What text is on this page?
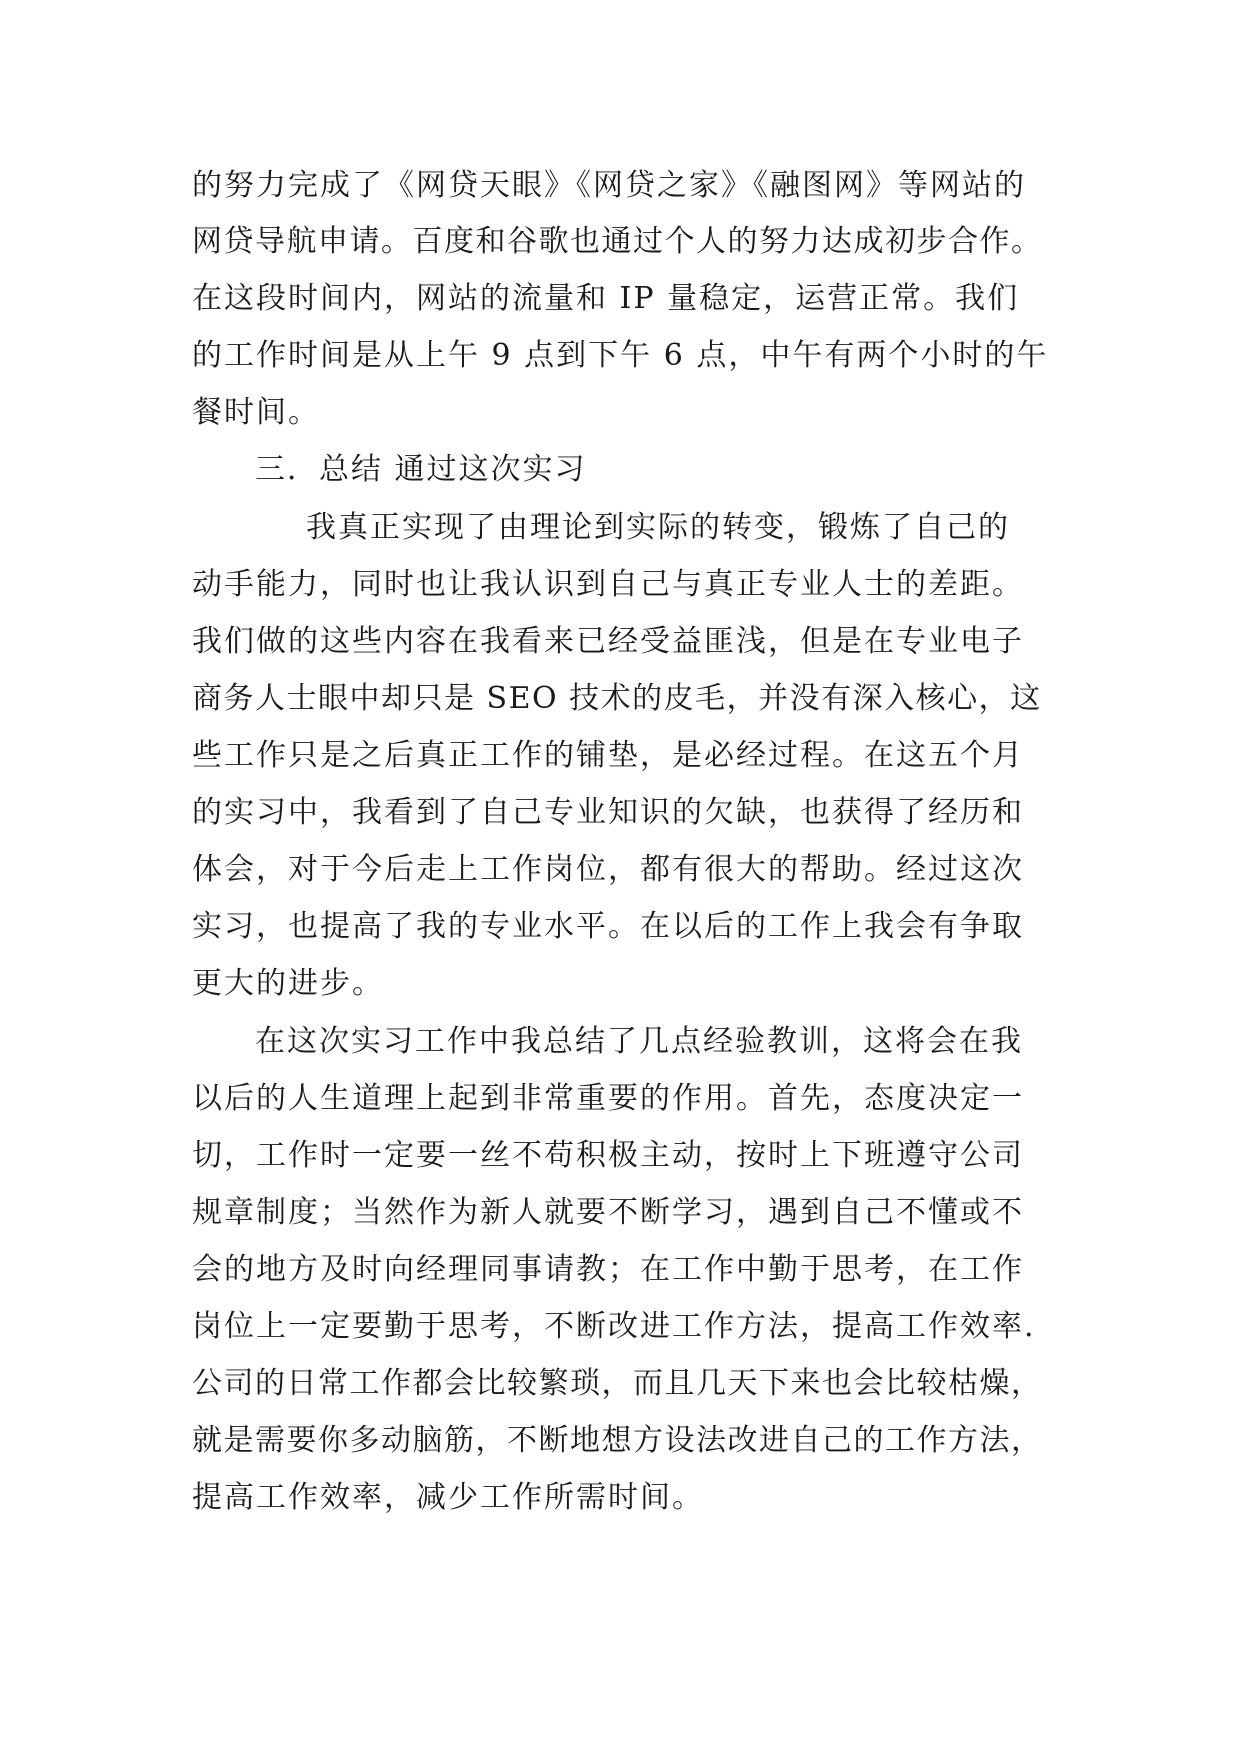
的努力完成了《网贷天眼》《网贷之家》《融图网》等网站的
网贷导航申请。百度和谷歌也通过个人的努力达成初步合作。
在这段时间内，网站的流量和 IP 量稳定，运营正常。我们
的工作时间是从上午 9 点到下午 6 点，中午有两个小时的午
餐时间。
三．总结 通过这次实习
我真正实现了由理论到实际的转变，锻炼了自己的
动手能力，同时也让我认识到自己与真正专业人士的差距。
我们做的这些内容在我看来已经受益匪浅，但是在专业电子
商务人士眼中却只是 SEO 技术的皮毛，并没有深入核心，这
些工作只是之后真正工作的铺垫，是必经过程。在这五个月
的实习中，我看到了自己专业知识的欠缺，也获得了经历和
体会，对于今后走上工作岗位，都有很大的帮助。经过这次
实习，也提高了我的专业水平。在以后的工作上我会有争取
更大的进步。
在这次实习工作中我总结了几点经验教训，这将会在我
以后的人生道理上起到非常重要的作用。首先，态度决定一
切，工作时一定要一丝不苟积极主动，按时上下班遵守公司
规章制度；当然作为新人就要不断学习，遇到自己不懂或不
会的地方及时向经理同事请教；在工作中勤于思考，在工作
岗位上一定要勤于思考，不断改进工作方法，提高工作效率.
公司的日常工作都会比较繁琐，而且几天下来也会比较枯燥，
就是需要你多动脑筋，不断地想方设法改进自己的工作方法，
提高工作效率，减少工作所需时间。
